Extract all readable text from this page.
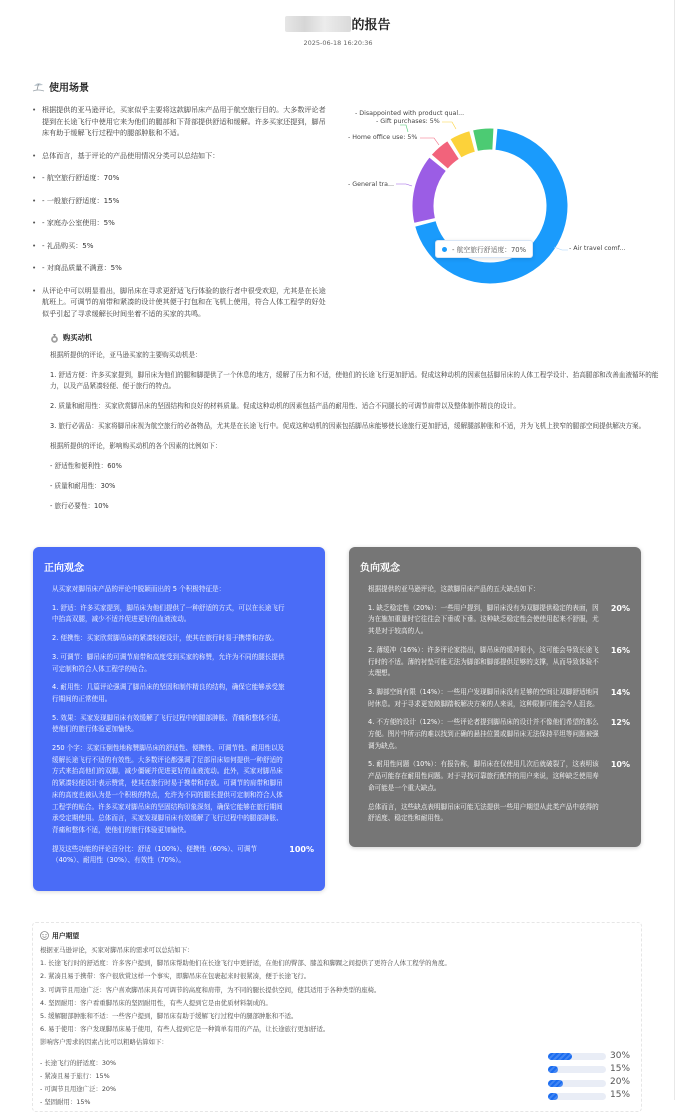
的报告
2025-06-18 16:20:36
使用场景
• 根据提供的亚马逊评论，买家似乎主要将这款脚吊床产品用于航空旅行目的。大多数评论者提到在长途飞行中使用它来为他们的腿部和下背部提供舒适和缓解。许多买家还提到，脚吊床有助于缓解飞行过程中的腿部肿胀和不适。
• 总体而言，基于评论的产品使用情况分类可以总结如下：
• - 航空旅行舒适度：70%
• - 一般旅行舒适度：15%
• - 家庭办公室使用：5%
• - 礼品购买：5%
• - 对商品质量不满意：5%
• 从评论中可以明显看出，脚吊床在寻求更舒适飞行体验的旅行者中很受欢迎，尤其是在长途航班上。可调节的肩带和紧凑的设计使其便于打包和在飞机上使用，符合人体工程学的好处似乎引起了寻求缓解长时间坐着不适的买家的共鸣。
- Disappointed with product qual...
- Gift purchases: 5%
- Home office use: 5%
- General tra...
- Air travel comf...
- 航空旅行舒适度：70%
购买动机

根据所提供的评论，亚马逊买家的主要购买动机是：

1. 舒适方便：许多买家提到，脚吊床为他们的腿和脚提供了一个休息的地方，缓解了压力和不适，使他们的长途飞行更加舒适。促成这种动机的因素包括脚吊床的人体工程学设计、抬高腿部和改善血液循环的能力，以及产品紧凑轻便、便于旅行的特点。

2. 质量和耐用性：买家欣赏脚吊床的坚固结构和良好的材料质量。促成这种动机的因素包括产品的耐用性、适合不同腿长的可调节肩带以及整体制作精良的设计。

3. 旅行必需品：买家将脚吊床视为航空旅行的必备物品，尤其是在长途飞行中。促成这种动机的因素包括脚吊床能够使长途旅行更加舒适，缓解腿部肿胀和不适，并为飞机上狭窄的腿部空间提供解决方案。

根据所提供的评论，影响购买动机的各个因素的比例如下：

- 舒适性和便利性：60%

- 质量和耐用性：30%

- 旅行必要性：10%

正向观念

从买家对脚吊床产品的评论中脱颖而出的 5 个积极特征是：

1. 舒适：许多买家提到，脚吊床为他们提供了一种舒适的方式，可以在长途飞行中抬高双腿，减少不适并促进更好的血液流动。

2. 便携性：买家欣赏脚吊床的紧凑轻便设计，使其在旅行时易于携带和存放。

3. 可调节：脚吊床的可调节肩带和高度受到买家的称赞，允许为不同的腿长提供可定制和符合人体工程学的贴合。

4. 耐用性：几篇评论强调了脚吊床的坚固和制作精良的结构，确保它能够承受旅行期间的正常使用。

5. 效果：买家发现脚吊床有效缓解了飞行过程中的腿部肿胀、背痛和整体不适，使他们的旅行体验更加愉快。

250 个字：买家压倒性地称赞脚吊床的舒适性、便携性、可调节性、耐用性以及缓解长途飞行不适的有效性。大多数评论都强调了足部吊床如何提供一种舒适的方式来抬高他们的双脚，减少僵硬并促进更好的血液流动。此外，买家对脚吊床的紧凑轻便设计表示赞赏，使其在旅行时易于携带和存放。可调节的肩带和脚吊床的高度也被认为是一个积极的特点，允许为不同的腿长提供可定制和符合人体工程学的贴合。许多买家对脚吊床的坚固结构印象深刻，确保它能够在旅行期间承受定期使用。总体而言，买家发现脚吊床有效缓解了飞行过程中的腿部肿胀、背痛和整体不适，使他们的旅行体验更加愉快。

提及这些功能的评论百分比：舒适（100%）、便携性（60%）、可调节（40%）、耐用性（30%）、有效性（70%）。
100%

负向观念

根据提供的亚马逊评论，这款脚吊床产品的五大缺点如下：

1. 缺乏稳定性（20%）：一些用户提到，脚吊床没有为双脚提供稳定的表面，因为在施加重量时它往往会下垂或下垂。这种缺乏稳定性会使使用起来不舒服，尤其是对于较高的人。
20%

2. 薄缓冲（16%）：许多评论家指出，脚吊床的缓冲很小，这可能会导致长途飞行时的不适。薄的衬垫可能无法为脚部和脚部提供足够的支撑，从而导致体验不太理想。
16%

3. 脚部空间有限（14%）：一些用户发现脚吊床没有足够的空间让双脚舒适地同时休息。对于寻求更宽敞脚踏板解决方案的人来说，这种限制可能会令人沮丧。
14%

4. 不方便的设计（12%）：一些评论者提到脚吊床的设计并不像他们希望的那么方便。图片中所示的难以找到正确的悬挂位置或脚吊床无法保持平坦等问题被强调为缺点。
12%

5. 耐用性问题（10%）：有报告称，脚吊床在仅使用几次后就破裂了，这表明该产品可能存在耐用性问题。对于寻找可靠旅行配件的用户来说，这种缺乏使用寿命可能是一个重大缺点。
10%

总体而言，这些缺点表明脚吊床可能无法提供一些用户期望从此类产品中获得的舒适度、稳定性和耐用性。

用户期望

根据亚马逊评论，买家对脚吊床的需求可以总结如下：

1. 长途飞行时的舒适度：许多客户提到，脚吊床帮助他们在长途飞行中更舒适，在他们的臀部、膝盖和脚踝之间提供了更符合人体工程学的角度。

2. 紧凑且易于携带：客户很欣赏这样一个事实，即脚吊床在包裹起来时很紧凑，便于长途飞行。

3. 可调节且用途广泛：客户喜欢脚吊床具有可调节的高度和肩带，为不同的腿长提供空间，使其适用于各种类型的座椅。

4. 坚固耐用：客户看重脚吊床的坚固耐用性，有些人提到它是由优质材料制成的。

5. 缓解腿部肿胀和不适：一些客户提到，脚吊床有助于缓解飞行过程中的腿部肿胀和不适。

6. 易于使用：客户发现脚吊床易于使用，有些人提到它是一种简单有用的产品，让长途旅行更加舒适。

影响客户需求的因素占比可以粗略估算如下：

- 长途飞行的舒适度：30%
30%
- 紧凑且易于旅行：15%
15%
- 可调节且用途广泛：20%
20%
- 坚固耐用：15%
15%
